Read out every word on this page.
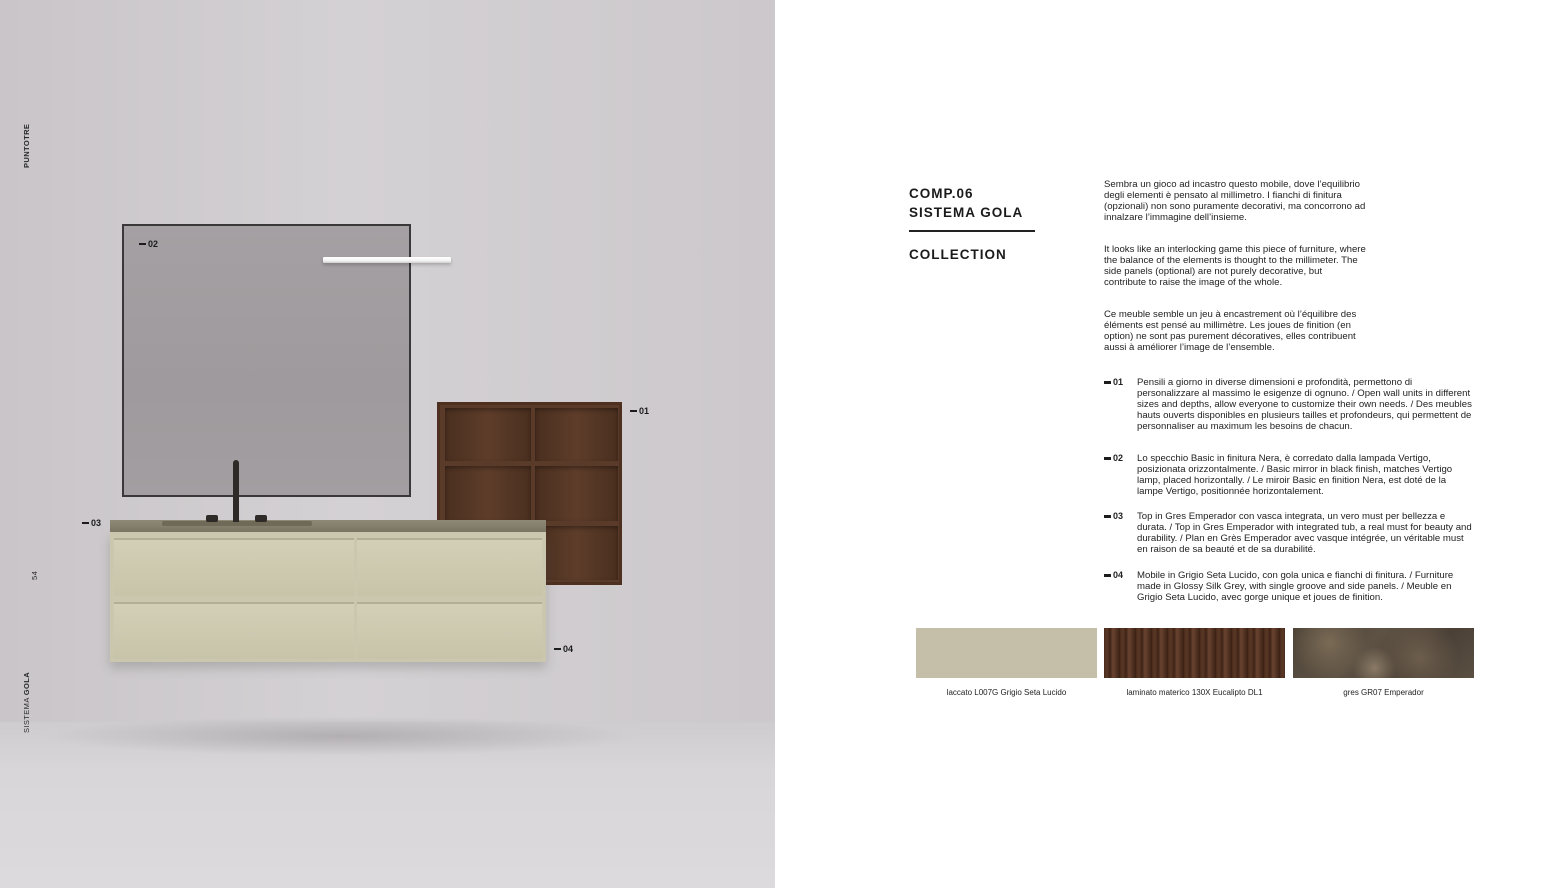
PUNTOTRE
54
SISTEMA GOLA
02
01
03
04
COMP.06
SISTEMA GOLA
COLLECTION

Sembra un gioco ad incastro questo mobile, dove l’equilibrio degli elementi è pensato al millimetro. I fianchi di finitura (opzionali) non sono puramente decorativi, ma concorrono ad innalzare l’immagine dell’insieme.

It looks like an interlocking game this piece of furniture, where the balance of the elements is thought to the millimeter. The side panels (optional) are not purely decorative, but contribute to raise the image of the whole.

Ce meuble semble un jeu à encastrement où l’équilibre des éléments est pensé au millimètre. Les joues de finition (en option) ne sont pas purement décoratives, elles contribuent aussi à améliorer l’image de l’ensemble.

01 Pensili a giorno in diverse dimensioni e profondità, permettono di personalizzare al massimo le esigenze di ognuno. / Open wall units in different sizes and depths, allow everyone to customize their own needs. / Des meubles hauts ouverts disponibles en plusieurs tailles et profondeurs, qui permettent de personnaliser au maximum les besoins de chacun.
02 Lo specchio Basic in finitura Nera, è corredato dalla lampada Vertigo, posizionata orizzontalmente. / Basic mirror in black finish, matches Vertigo lamp, placed horizontally. / Le miroir Basic en finition Nera, est doté de la lampe Vertigo, positionnée horizontalement.
03 Top in Gres Emperador con vasca integrata, un vero must per bellezza e durata. / Top in Gres Emperador with integrated tub, a real must for beauty and durability. / Plan en Grès Emperador avec vasque intégrée, un véritable must en raison de sa beauté et de sa durabilité.
04 Mobile in Grigio Seta Lucido, con gola unica e fianchi di finitura. / Furniture made in Glossy Silk Grey, with single groove and side panels. / Meuble en Grigio Seta Lucido, avec gorge unique et joues de finition.
laccato L007G Grigio Seta Lucido	laminato materico 130X Eucalipto DL1	gres GR07 Emperador
